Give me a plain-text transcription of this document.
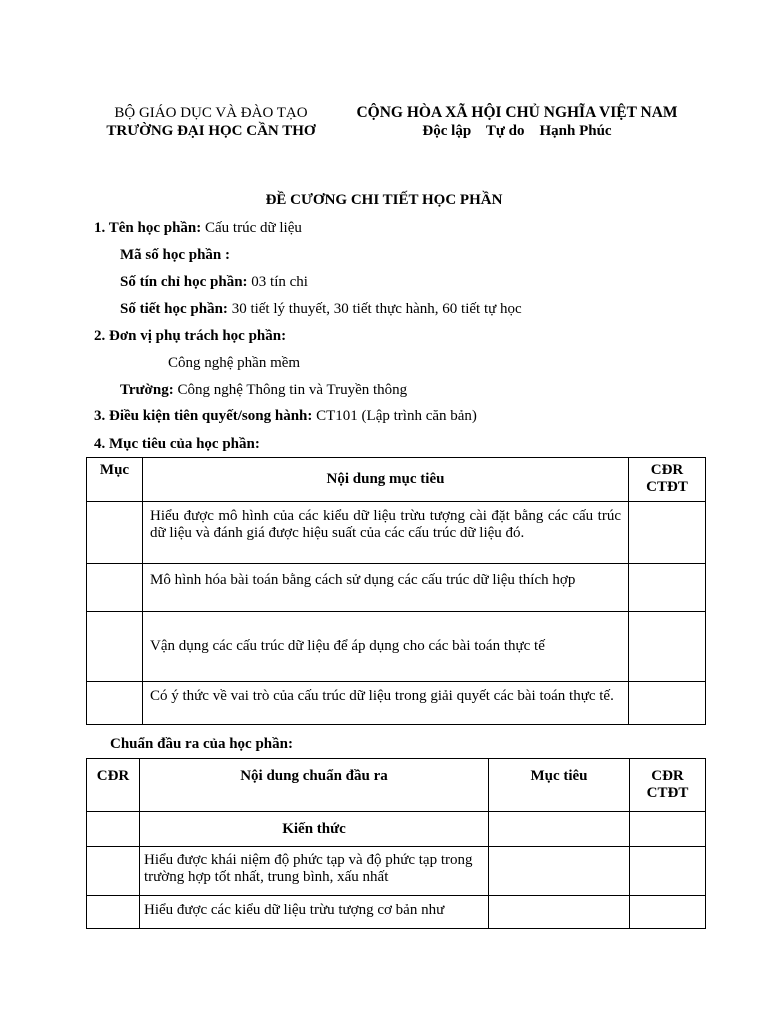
BỘ GIÁO DỤC VÀ ĐÀO TẠO
TRƯỜNG ĐẠI HỌC CẦN THƠ
CỘNG HÒA XÃ HỘI CHỦ NGHĨA VIỆT NAM
Độc lập    Tự do    Hạnh Phúc
ĐỀ CƯƠNG CHI TIẾT HỌC PHẦN
1. Tên học phần: Cấu trúc dữ liệu
Mã số học phần :
Số tín chỉ học phần: 03 tín chi
Số tiết học phần: 30 tiết lý thuyết, 30 tiết thực hành, 60 tiết tự học
2. Đơn vị phụ trách học phần:
Công nghệ phần mềm
Trường: Công nghệ Thông tin và Truyền thông
3. Điều kiện tiên quyết/song hành: CT101 (Lập trình căn bản)
4. Mục tiêu của học phần:
Mục	Nội dung mục tiêu	CĐR CTĐT

	Hiểu được mô hình của các kiểu dữ liệu trừu tượng cài đặt bằng các cấu trúc dữ liệu và đánh giá được hiệu suất của các cấu trúc dữ liệu đó.	

	Mô hình hóa bài toán bằng cách sử dụng các cấu trúc dữ liệu thích hợp	

	Vận dụng các cấu trúc dữ liệu để áp dụng cho các bài toán thực tế	

	Có ý thức về vai trò của cấu trúc dữ liệu trong giải quyết các bài toán thực tế.	

Chuẩn đầu ra của học phần:
CĐR	Nội dung chuẩn đầu ra	Mục tiêu	CĐR CTĐT
	Kiến thức		

	Hiểu được khái niệm độ phức tạp và độ phức tạp trong trường hợp tốt nhất, trung bình, xấu nhất		

	Hiểu được các kiểu dữ liệu trừu tượng cơ bản như		
